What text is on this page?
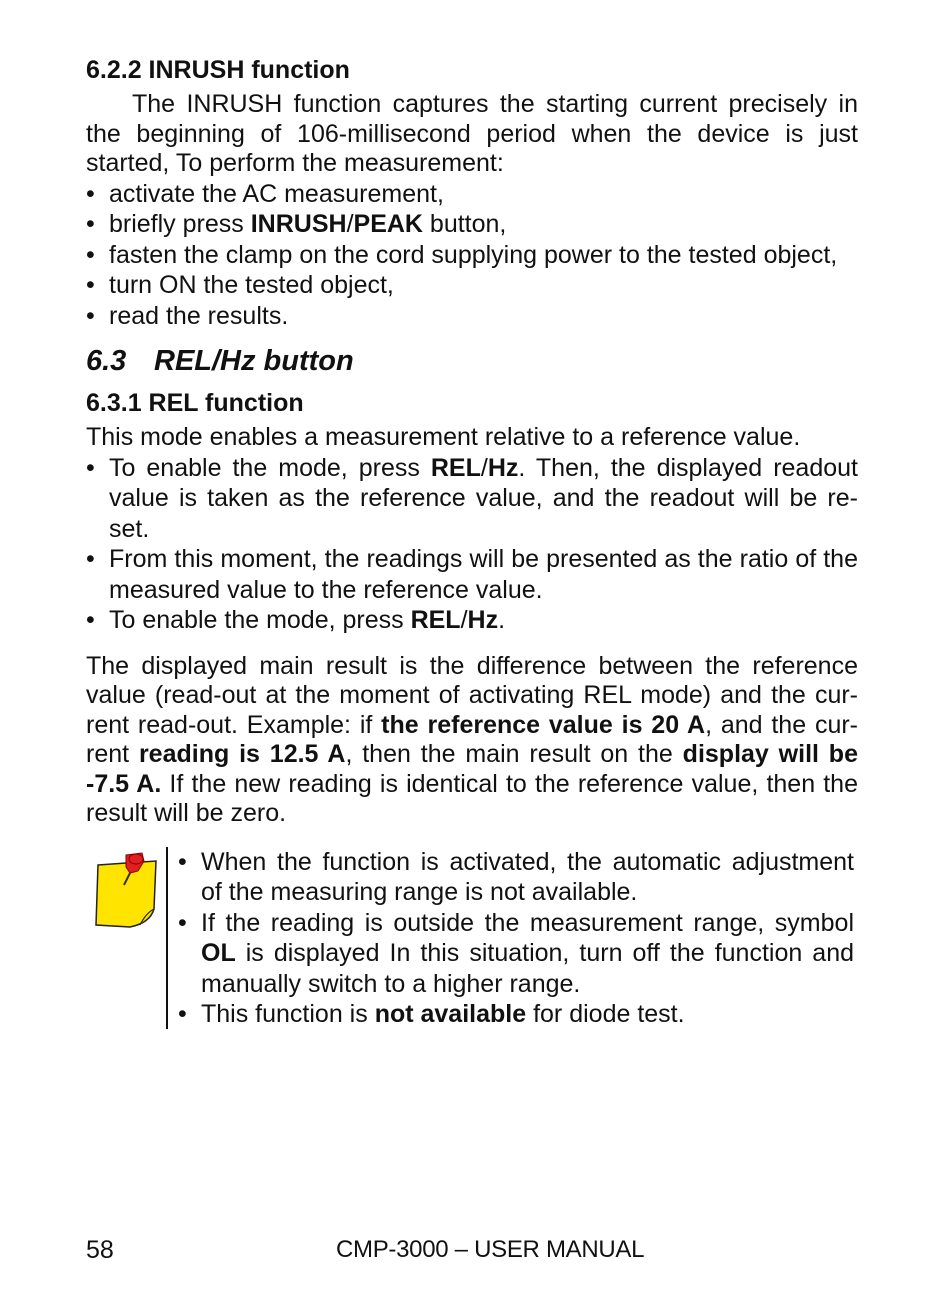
6.2.2 INRUSH function

The INRUSH function captures the starting current precisely in the beginning of 106-millisecond period when the device is just started, To perform the measurement:

• activate the AC measurement,
• briefly press INRUSH/PEAK button,
• fasten the clamp on the cord supplying power to the tested object,
• turn ON the tested object,
• read the results.
6.3 REL/Hz button
6.3.1 REL function

This mode enables a measurement relative to a reference value.

• To enable the mode, press REL/Hz. Then, the displayed readout value is taken as the reference value, and the readout will be re-set.
• From this moment, the readings will be presented as the ratio of the measured value to the reference value.
• To enable the mode, press REL/Hz.

The displayed main result is the difference between the reference value (read-out at the moment of activating REL mode) and the cur-rent read-out. Example: if the reference value is 20 A, and the cur-rent reading is 12.5 A, then the main result on the display will be -7.5 A. If the new reading is identical to the reference value, then the result will be zero.

• When the function is activated, the automatic adjustment of the measuring range is not available.
• If the reading is outside the measurement range, symbol OL is displayed In this situation, turn off the function and manually switch to a higher range.
• This function is not available for diode test.
58	CMP-3000 – USER MANUAL
